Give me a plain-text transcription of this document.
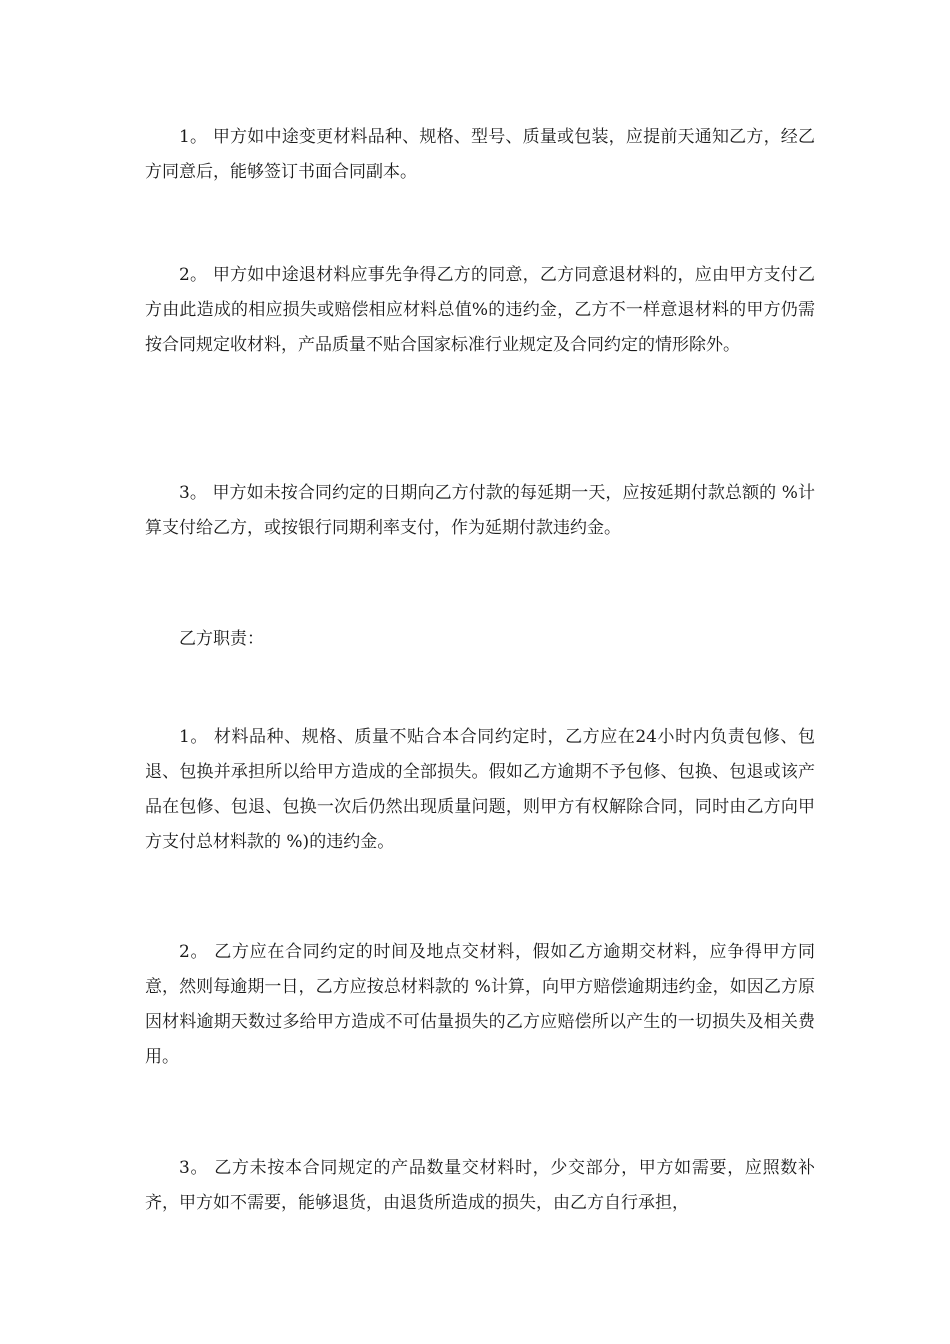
1。 甲方如中途变更材料品种、规格、型号、质量或包装，应提前天通知乙方，经乙方同意后，能够签订书面合同副本。

2。 甲方如中途退材料应事先争得乙方的同意，乙方同意退材料的，应由甲方支付乙方由此造成的相应损失或赔偿相应材料总值%的违约金，乙方不一样意退材料的甲方仍需按合同规定收材料，产品质量不贴合国家标准行业规定及合同约定的情形除外。

3。 甲方如未按合同约定的日期向乙方付款的每延期一天，应按延期付款总额的 %计算支付给乙方，或按银行同期利率支付，作为延期付款违约金。

乙方职责：

1。 材料品种、规格、质量不贴合本合同约定时，乙方应在24小时内负责包修、包退、包换并承担所以给甲方造成的全部损失。假如乙方逾期不予包修、包换、包退或该产品在包修、包退、包换一次后仍然出现质量问题，则甲方有权解除合同，同时由乙方向甲方支付总材料款的 %)的违约金。

2。 乙方应在合同约定的时间及地点交材料，假如乙方逾期交材料，应争得甲方同意，然则每逾期一日，乙方应按总材料款的 %计算，向甲方赔偿逾期违约金，如因乙方原因材料逾期天数过多给甲方造成不可估量损失的乙方应赔偿所以产生的一切损失及相关费用。

3。 乙方未按本合同规定的产品数量交材料时，少交部分，甲方如需要，应照数补齐，甲方如不需要，能够退货，由退货所造成的损失，由乙方自行承担，
